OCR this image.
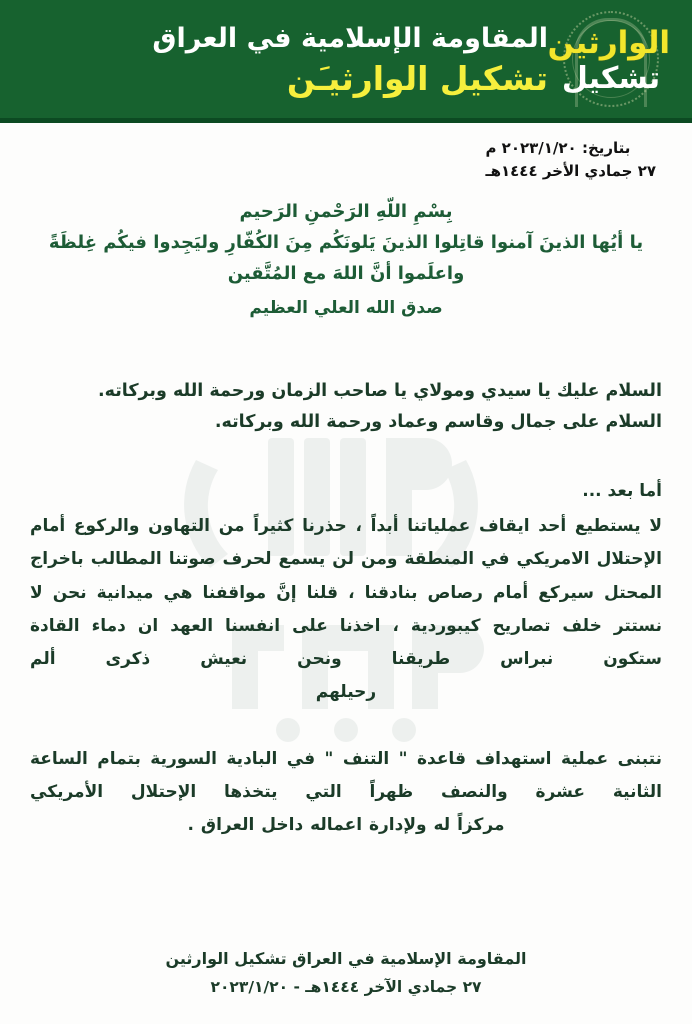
الوارثين
تشكيل
المقاومة الإسلامية في العراق
تشكيل الوارثيـَن
بتاريخ: ٢٠٢٣/١/٢٠ م
٢٧ جمادي الأخر ١٤٤٤هـ
بِسْمِ اللّهِ الرَحْمنِ الرَحيم
يا أيُها الذينَ آمنوا قاتِلوا الذينَ يَلونَكُم مِنَ الكُفّارِ وليَجِدوا فيكُم غِلظَةً
واعلَموا أنَّ اللهَ مع المُتَّقين
صدق الله العلي العظيم
السلام عليك يا سيدي ومولاي يا صاحب الزمان ورحمة الله وبركاته.
السلام على جمال وقاسم وعماد ورحمة الله وبركاته.
أما بعد ...
لا يستطيع أحد ايقاف عملياتنا أبداً ، حذرنا كثيراً من التهاون والركوع أمام الإحتلال الامريكي في المنطقة ومن لن يسمع لحرف صوتنا المطالب باخراج المحتل سيركع أمام رصاص بنادقنا ، قلنا إنَّ مواقفنا هي ميدانية نحن لا نستتر خلف تصاريح كيبوردية ، اخذنا على انفسنا العهد ان دماء القادة ستكون نبراس طريقنا ونحن نعيش ذكرى ألم
رحيلهم
نتبنى عملية استهداف قاعدة " التنف " في البادية السورية بتمام الساعة الثانية عشرة والنصف ظهراً التي يتخذها الإحتلال الأمريكي
مركزاً له ولإدارة اعماله داخل العراق .
المقاومة الإسلامية في العراق تشكيل الوارثين
٢٧ جمادي الآخر ١٤٤٤هـ - ٢٠٢٣/١/٢٠
